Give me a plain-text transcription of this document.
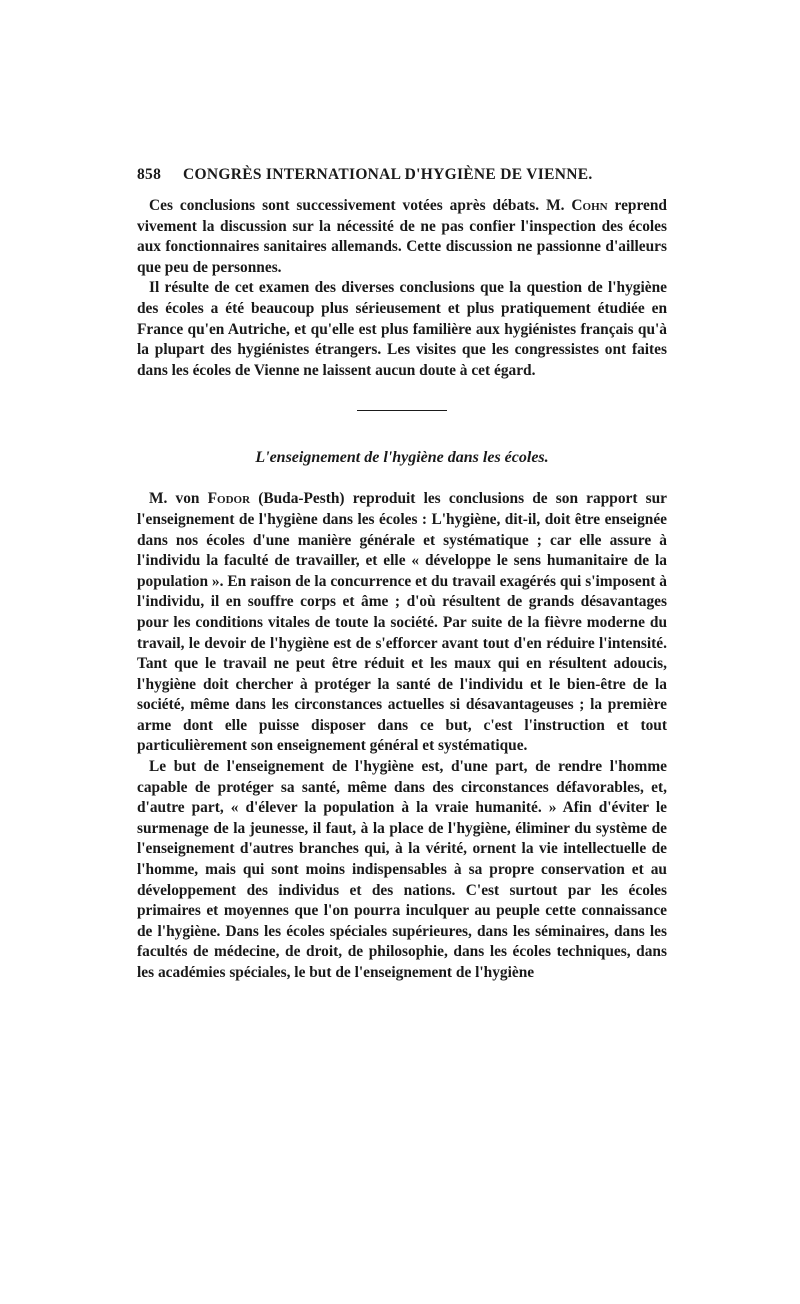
858	CONGRÈS INTERNATIONAL D'HYGIÈNE DE VIENNE.

Ces conclusions sont successivement votées après débats. M. Cohn reprend vivement la discussion sur la nécessité de ne pas confier l'inspection des écoles aux fonctionnaires sanitaires allemands. Cette discussion ne passionne d'ailleurs que peu de personnes.

Il résulte de cet examen des diverses conclusions que la question de l'hygiène des écoles a été beaucoup plus sérieusement et plus pratiquement étudiée en France qu'en Autriche, et qu'elle est plus familière aux hygiénistes français qu'à la plupart des hygiénistes étrangers. Les visites que les congressistes ont faites dans les écoles de Vienne ne laissent aucun doute à cet égard.

L'enseignement de l'hygiène dans les écoles.

M. von Fodor (Buda-Pesth) reproduit les conclusions de son rapport sur l'enseignement de l'hygiène dans les écoles : L'hygiène, dit-il, doit être enseignée dans nos écoles d'une manière générale et systématique ; car elle assure à l'individu la faculté de travailler, et elle « développe le sens humanitaire de la population ». En raison de la concurrence et du travail exagérés qui s'imposent à l'individu, il en souffre corps et âme ; d'où résultent de grands désavantages pour les conditions vitales de toute la société. Par suite de la fièvre moderne du travail, le devoir de l'hygiène est de s'efforcer avant tout d'en réduire l'intensité. Tant que le travail ne peut être réduit et les maux qui en résultent adoucis, l'hygiène doit chercher à protéger la santé de l'individu et le bien-être de la société, même dans les circonstances actuelles si désavantageuses ; la première arme dont elle puisse disposer dans ce but, c'est l'instruction et tout particulièrement son enseignement général et systématique.

Le but de l'enseignement de l'hygiène est, d'une part, de rendre l'homme capable de protéger sa santé, même dans des circonstances défavorables, et, d'autre part, « d'élever la population à la vraie humanité. » Afin d'éviter le surmenage de la jeunesse, il faut, à la place de l'hygiène, éliminer du système de l'enseignement d'autres branches qui, à la vérité, ornent la vie intellectuelle de l'homme, mais qui sont moins indispensables à sa propre conservation et au développement des individus et des nations. C'est surtout par les écoles primaires et moyennes que l'on pourra inculquer au peuple cette connaissance de l'hygiène. Dans les écoles spéciales supérieures, dans les séminaires, dans les facultés de médecine, de droit, de philosophie, dans les écoles techniques, dans les académies spéciales, le but de l'enseignement de l'hygiène
